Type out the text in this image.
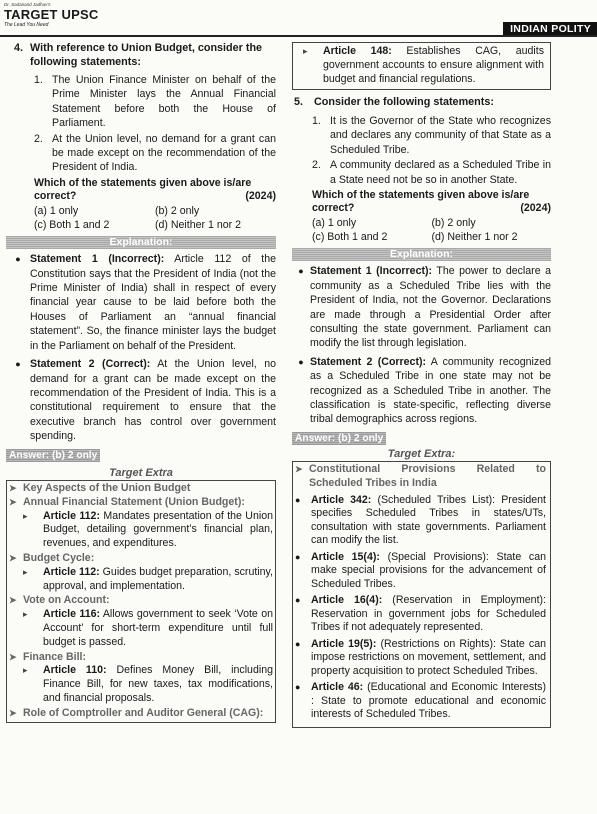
Dr. Sadanand Jadhav's
TARGET UPSC
The Lead You Need	INDIAN POLITY
4. With reference to Union Budget, consider the following statements:
1. The Union Finance Minister on behalf of the Prime Minister lays the Annual Financial Statement before both the House of Parliament.
2. At the Union level, no demand for a grant can be made except on the recommendation of the President of India.
Which of the statements given above is/are correct?	(2024)
(a) 1 only	(b) 2 only
(c) Both 1 and 2	(d) Neither 1 nor 2
Explanation:
● Statement 1 (Incorrect): Article 112 of the Constitution says that the President of India (not the Prime Minister of India) shall in respect of every financial year cause to be laid before both the Houses of Parliament an “annual financial statement”. So, the finance minister lays the budget in the Parliament on behalf of the President.
● Statement 2 (Correct): At the Union level, no demand for a grant can be made except on the recommendation of the President of India. This is a constitutional requirement to ensure that the executive branch has control over government spending.
Answer: (b) 2 only
Target Extra
➤ Key Aspects of the Union Budget
➤ Annual Financial Statement (Union Budget):
▸	Article 112: Mandates presentation of the Union Budget, detailing government’s financial plan, revenues, and expenditures.
➤ Budget Cycle:
▸	Article 112: Guides budget preparation, scrutiny, approval, and implementation.
➤ Vote on Account:
▸	Article 116: Allows government to seek ‘Vote on Account’ for short-term expenditure until full budget is passed.
➤ Finance Bill:
▸	Article 110: Defines Money Bill, including Finance Bill, for new taxes, tax modifications, and financial proposals.
➤ Role of Comptroller and Auditor General (CAG):
▸	Article 148: Establishes CAG, audits government accounts to ensure alignment with budget and financial regulations.
5.	Consider the following statements:
1. It is the Governor of the State who recognizes and declares any community of that State as a Scheduled Tribe.
2. A community declared as a Scheduled Tribe in a State need not be so in another State.
Which of the statements given above is/are correct?	(2024)
(a) 1 only	(b) 2 only
(c) Both 1 and 2	(d) Neither 1 nor 2
Explanation:
● Statement 1 (Incorrect): The power to declare a community as a Scheduled Tribe lies with the President of India, not the Governor. Declarations are made through a Presidential Order after consulting the state government. Parliament can modify the list through legislation.
● Statement 2 (Correct): A community recognized as a Scheduled Tribe in one state may not be recognized as a Scheduled Tribe in another. The classification is state-specific, reflecting diverse tribal demographics across regions.
Answer: (b) 2 only
Target Extra:
➤ Constitutional Provisions Related to Scheduled Tribes in India
● Article 342: (Scheduled Tribes List): President specifies Scheduled Tribes in states/UTs, consultation with state governments. Parliament can modify the list.
● Article 15(4): (Special Provisions): State can make special provisions for the advancement of Scheduled Tribes.
● Article 16(4): (Reservation in Employment): Reservation in government jobs for Scheduled Tribes if not adequately represented.
● Article 19(5): (Restrictions on Rights): State can impose restrictions on movement, settlement, and property acquisition to protect Scheduled Tribes.
● Article 46: (Educational and Economic Interests) : State to promote educational and economic interests of Scheduled Tribes.
